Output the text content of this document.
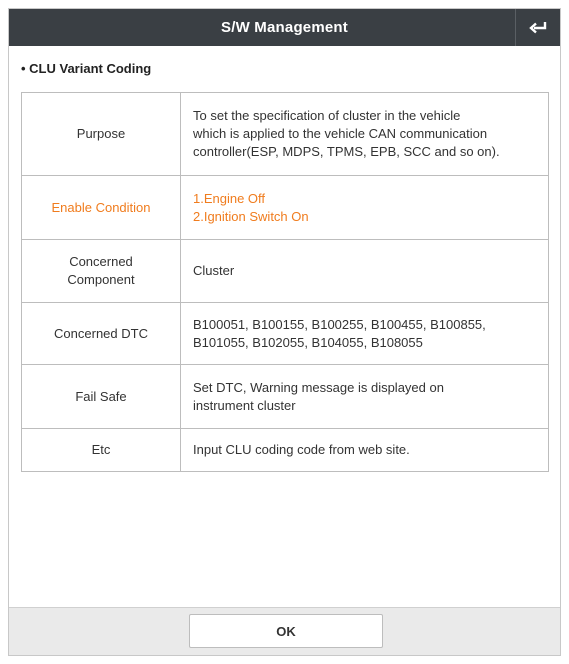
S/W Management
• CLU Variant Coding
Purpose	To set the specification of cluster in the vehicle
which is applied to the vehicle CAN communication
controller(ESP, MDPS, TPMS, EPB, SCC and so on).

Enable Condition	1.Engine Off
2.Ignition Switch On

Concerned
Component	Cluster

Concerned DTC	B100051, B100155, B100255, B100455, B100855,
B101055, B102055, B104055, B108055

Fail Safe	Set DTC, Warning message is displayed on
instrument cluster

Etc	Input CLU coding code from web site.
OK
